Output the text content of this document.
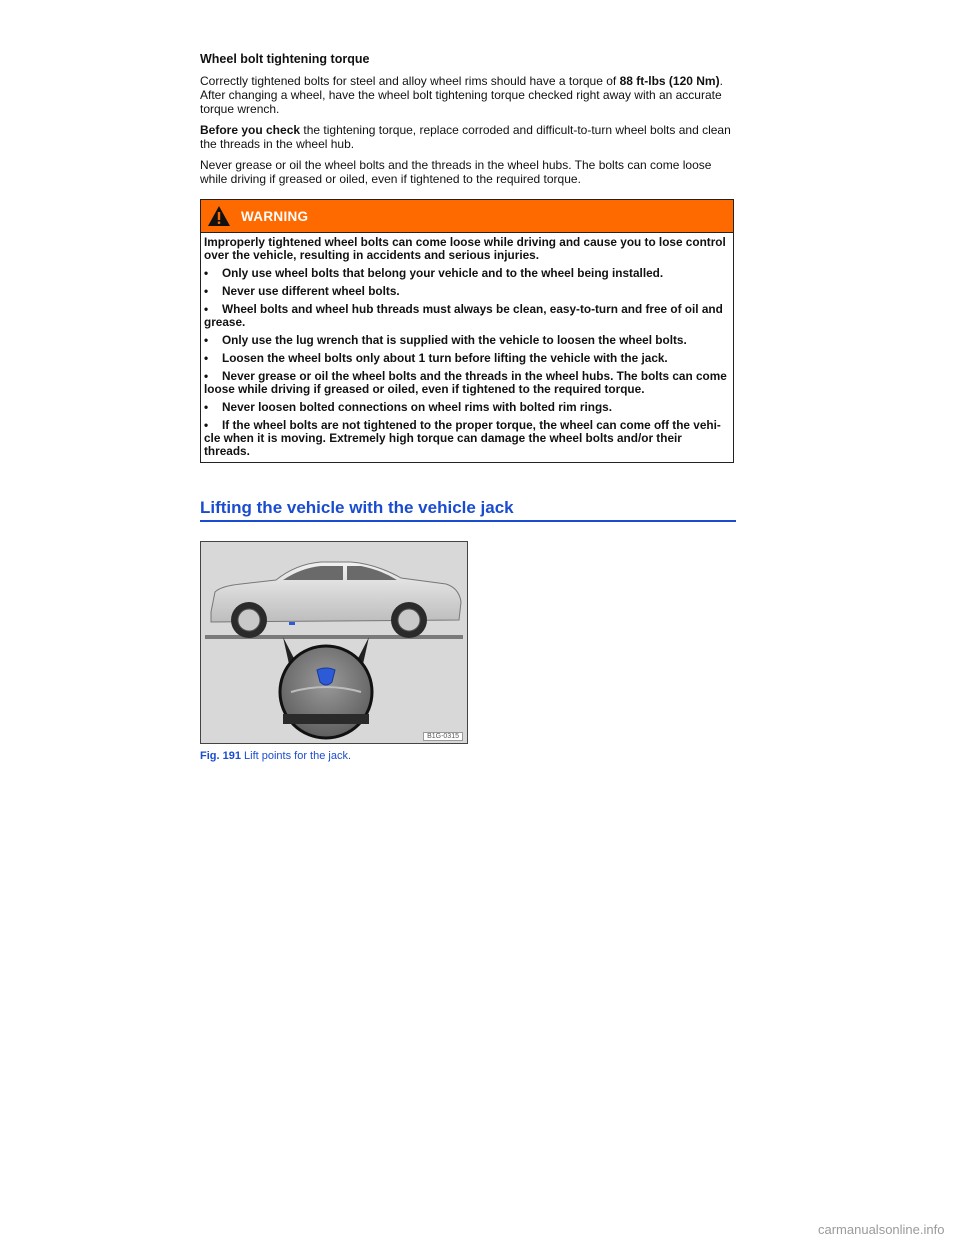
Wheel bolt tightening torque

Correctly tightened bolts for steel and alloy wheel rims should have a torque of 88 ft-lbs (120 Nm). After changing a wheel, have the wheel bolt tightening torque checked right away with an accurate torque wrench.

Before you check the tightening torque, replace corroded and difficult-to-turn wheel bolts and clean the threads in the wheel hub.

Never grease or oil the wheel bolts and the threads in the wheel hubs. The bolts can come loose while driving if greased or oiled, even if tightened to the required torque.

WARNING

Improperly tightened wheel bolts can come loose while driving and cause you to lose control over the vehicle, resulting in accidents and serious injuries.

• Only use wheel bolts that belong your vehicle and to the wheel being installed.
• Never use different wheel bolts.
• Wheel bolts and wheel hub threads must always be clean, easy-to-turn and free of oil and grease.
• Only use the lug wrench that is supplied with the vehicle to loosen the wheel bolts.
• Loosen the wheel bolts only about 1 turn before lifting the vehicle with the jack.
• Never grease or oil the wheel bolts and the threads in the wheel hubs. The bolts can come loose while driving if greased or oiled, even if tightened to the required torque.
• Never loosen bolted connections on wheel rims with bolted rim rings.
• If the wheel bolts are not tightened to the proper torque, the wheel can come off the vehi-cle when it is moving. Extremely high torque can damage the wheel bolts and/or their threads.
Lifting the vehicle with the vehicle jack
B1G-0315
Fig. 191 Lift points for the jack.
carmanualsonline.info
